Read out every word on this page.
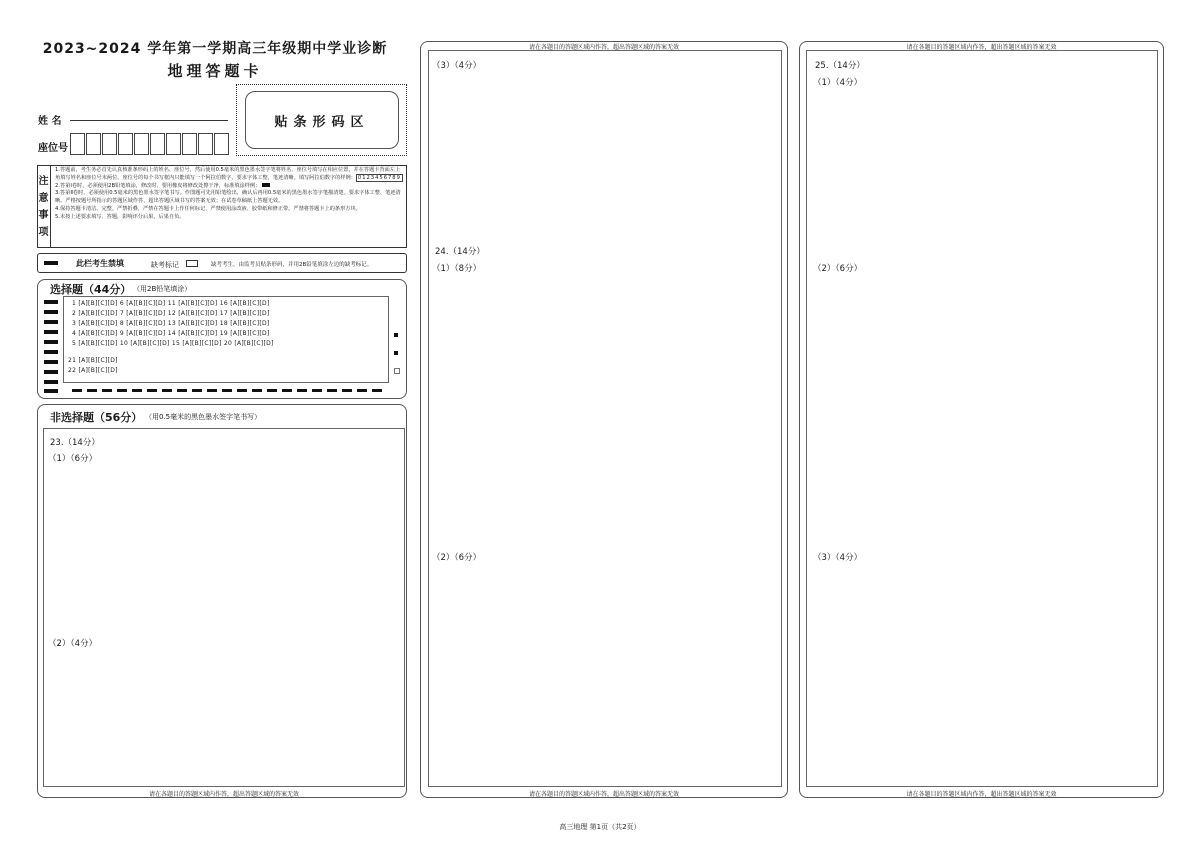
2023~2024 学年第一学期高三年级期中学业诊断
地理答题卡
姓 名
座位号
贴条形码区
注
意
事
项
1.答题前，考生务必首先认真核准条形码上的姓名、座位号，然后使用0.5毫米的黑色墨水签字笔将姓名、座位号填写在相应位置，并在答题卡背面左上角填写姓名和座位号末两位。座位号的每个书写框内只能填写一个阿拉伯数字，要求字体工整，笔迹清晰。填写阿拉伯数字的样例： 0123456789
2.答第Ⅰ卷时，必须使用2B铅笔填涂，修改时，要用橡皮将修改处擦干净，标准填涂样例：
3.答第Ⅱ卷时，必须使用0.5毫米的黑色墨水签字笔书写。作图题可先用铅笔绘出，确认后再用0.5毫米的黑色墨水签字笔描清楚。要求字体工整、笔迹清晰。严格按题号所指示的答题区域作答，超出答题区域书写的答案无效；在试卷草稿纸上答题无效。
4.保持答题卡清洁、完整。严禁折叠，严禁在答题卡上作任何标记，严禁使用涂改液、胶带纸和修正带。严禁将答题卡上的条形方块。
5.未按上述要求填写、答题，影响评分后果，后果自负。
此栏考生禁填	缺考标记	缺考考生，由监考员贴条形码，并用2B铅笔填涂左边的缺考标记。
选择题（44分） （用2B铅笔填涂）
1 [A][B][C][D] 6 [A][B][C][D] 11 [A][B][C][D] 16 [A][B][C][D]
2 [A][B][C][D] 7 [A][B][C][D] 12 [A][B][C][D] 17 [A][B][C][D]
3 [A][B][C][D] 8 [A][B][C][D] 13 [A][B][C][D] 18 [A][B][C][D]
4 [A][B][C][D] 9 [A][B][C][D] 14 [A][B][C][D] 19 [A][B][C][D]
5 [A][B][C][D] 10 [A][B][C][D] 15 [A][B][C][D] 20 [A][B][C][D]
21 [A][B][C][D]
22 [A][B][C][D]
非选择题（56分） （用0.5毫米的黑色墨水签字笔书写）
23.（14分）
（1）（6分）
（2）（4分）
请在各题目的答题区域内作答，超出答题区域的答案无效
请在各题目的答题区域内作答，超出答题区域的答案无效
（3）（4分）
24.（14分）
（1）（8分）
（2）（6分）
请在各题目的答题区域内作答，超出答题区域的答案无效
请在各题目的答题区域内作答，超出答题区域的答案无效
25.（14分）
（1）（4分）
（2）（6分）
（3）（4分）
请在各题目的答题区域内作答，超出答题区域的答案无效
高三地理 第1页（共2页）
